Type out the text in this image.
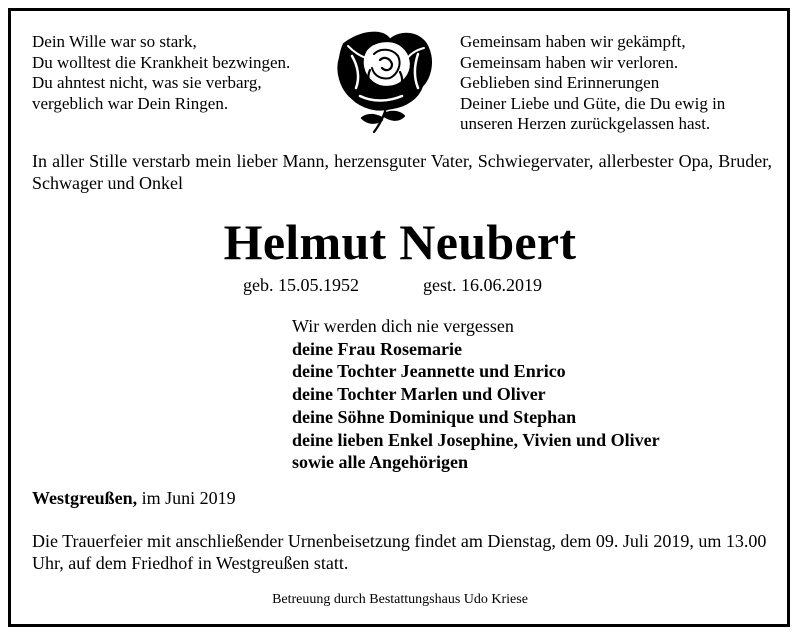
Dein Wille war so stark,
Du wolltest die Krankheit bezwingen.
Du ahntest nicht, was sie verbarg,
vergeblich war Dein Ringen.
Gemeinsam haben wir gekämpft,
Gemeinsam haben wir verloren.
Geblieben sind Erinnerungen
Deiner Liebe und Güte, die Du ewig in
unseren Herzen zurückgelassen hast.
In aller Stille verstarb mein lieber Mann, herzensguter Vater, Schwiegervater, allerbester Opa, Bruder, Schwager und Onkel
Helmut Neubert
geb. 15.05.1952	gest. 16.06.2019
Wir werden dich nie vergessen
deine Frau Rosemarie
deine Tochter Jeannette und Enrico
deine Tochter Marlen und Oliver
deine Söhne Dominique und Stephan
deine lieben Enkel Josephine, Vivien und Oliver
sowie alle Angehörigen
Westgreußen, im Juni 2019
Die Trauerfeier mit anschließender Urnenbeisetzung findet am Dienstag, dem 09. Juli 2019, um 13.00 Uhr, auf dem Friedhof in Westgreußen statt.
Betreuung durch Bestattungshaus Udo Kriese
